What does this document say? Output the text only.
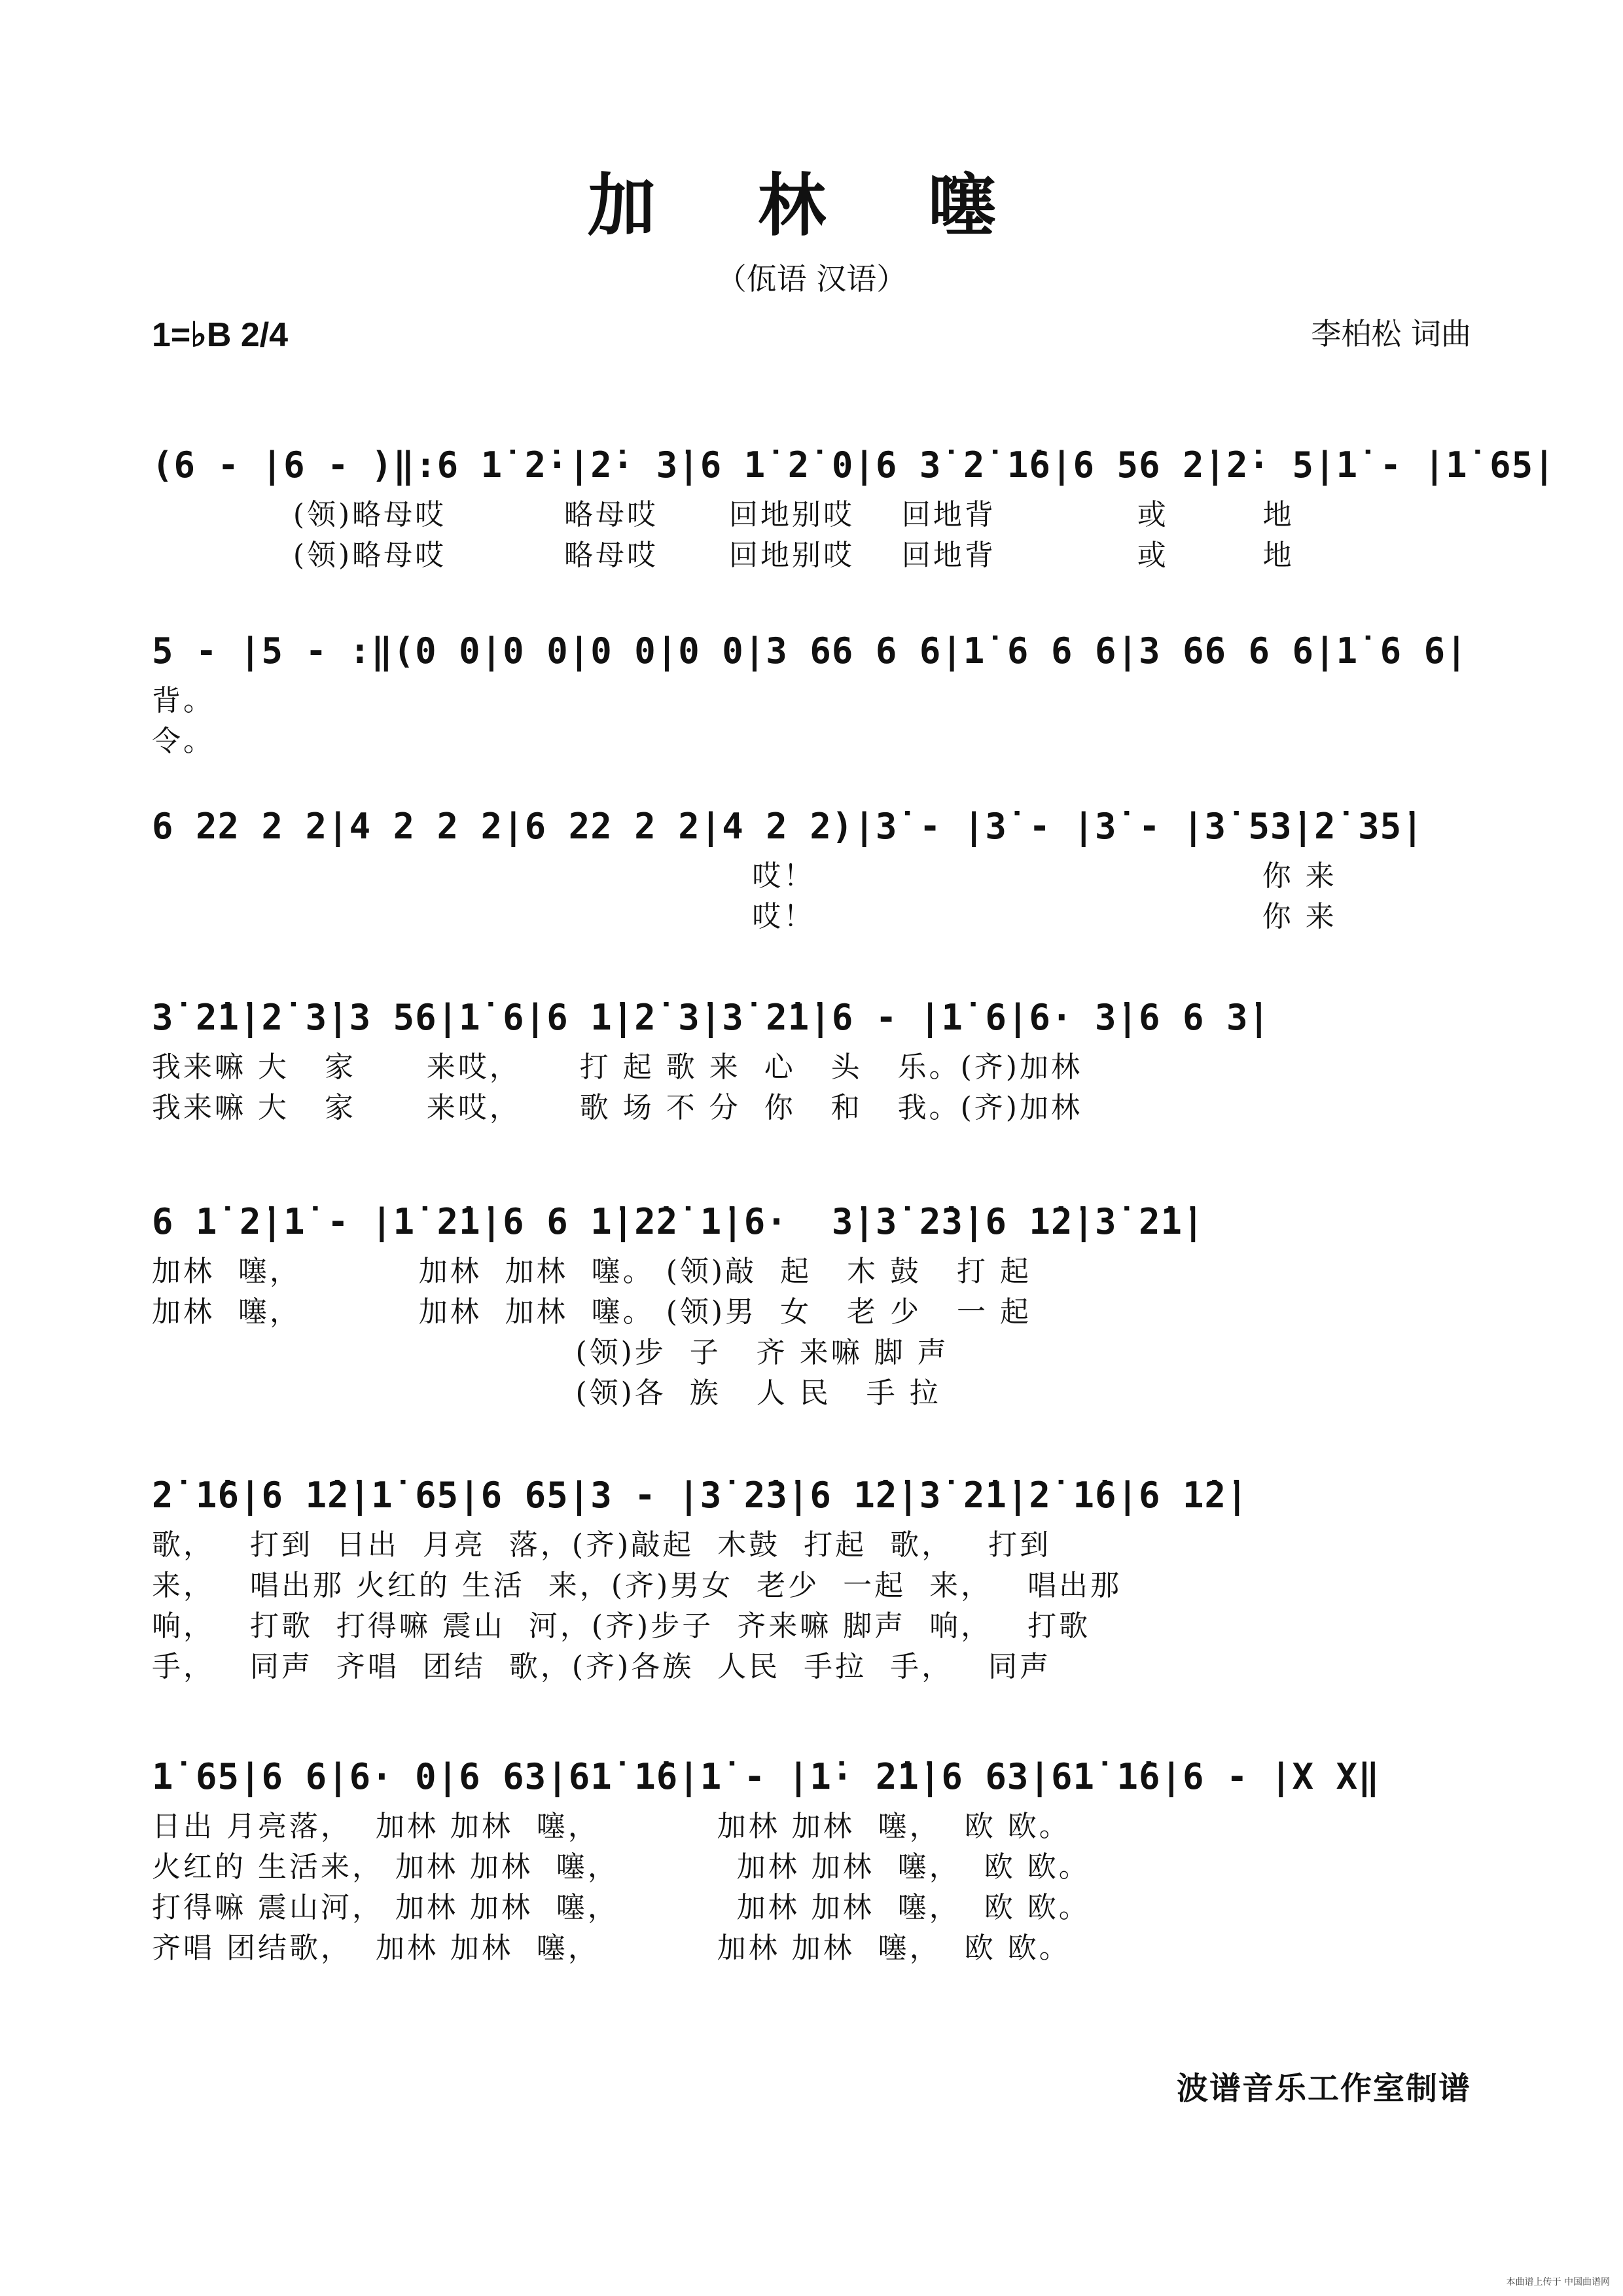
加 林 噻
（佤语 汉语）
1=♭B 2/4	李柏松 词曲
(6 - |6 - )‖:6 1̇ 2̇·|2̇· 3̇|6 1̇ 2̇ 0|6 3̇ 2̇ 1̇6|6 56 2̇|2̇· 5|1̇ - |1̇ 65|
(领)略母哎          略母哎      回地别哎    回地背            或        地
(领)略母哎          略母哎      回地别哎    回地背            或        地
5 - |5 - :‖(0 0|0 0|0 0|0 0|3 66 6 6|1̇ 6 6 6|3 66 6 6|1̇ 6 6|
背。
令。
6 22 2 2|4 2 2 2|6 22 2 2|4 2 2)|3̇ - |3̇ - |3̇ - |3̇ 53̇|2̇ 35̇|
哎！                                      你 来
哎！                                      你 来
3̇ 2̇1̇|2̇ 3̇|3 56|1̇ 6|6 1̇|2̇ 3̇|3̇ 2̇1̇|6 - |1̇ 6|6· 3̇|6 6 3̇|
我来嘛 大   家      来哎，     打 起 歌 来  心   头   乐。(齐)加林
我来嘛 大   家      来哎，     歌 场 不 分  你   和   我。(齐)加林
6 1̇ 2̇|1̇ - |1̇ 2̇1̇|6 6 1̇|2̇2̇ 1̇|6·  3̇|3̇ 2̇3̇|6 1̇2̇|3̇ 2̇1̇|
加林  噻，          加林  加林  噻。 (领)敲  起   木 鼓   打 起
加林  噻，          加林  加林  噻。 (领)男  女   老 少   一 起
(领)步  子   齐 来嘛 脚 声
(领)各  族   人 民   手 拉
2̇ 1̇6|6 1̇2̇|1̇ 65|6 65|3 - |3̇ 2̇3̇|6 1̇2̇|3̇ 2̇1̇|2̇ 1̇6|6 1̇2̇|
歌，   打到  日出  月亮  落，(齐)敲起  木鼓  打起  歌，   打到
来，   唱出那 火红的 生活  来，(齐)男女  老少  一起  来，   唱出那
响，   打歌  打得嘛 震山  河，(齐)步子  齐来嘛 脚声  响，   打歌
手，   同声  齐唱  团结  歌，(齐)各族  人民  手拉  手，   同声
1̇ 65|6 6|6· 0|6 63|61̇ 1̇6|1̇ - |1̇· 2̇1̇|6 63|61̇ 1̇6|6 - |X X‖
日出 月亮落，  加林 加林  噻，          加林 加林  噻，  欧 欧。
火红的 生活来， 加林 加林  噻，          加林 加林  噻，  欧 欧。
打得嘛 震山河， 加林 加林  噻，          加林 加林  噻，  欧 欧。
齐唱 团结歌，  加林 加林  噻，          加林 加林  噻，  欧 欧。
波谱音乐工作室制谱
本曲谱上传于 中国曲谱网
